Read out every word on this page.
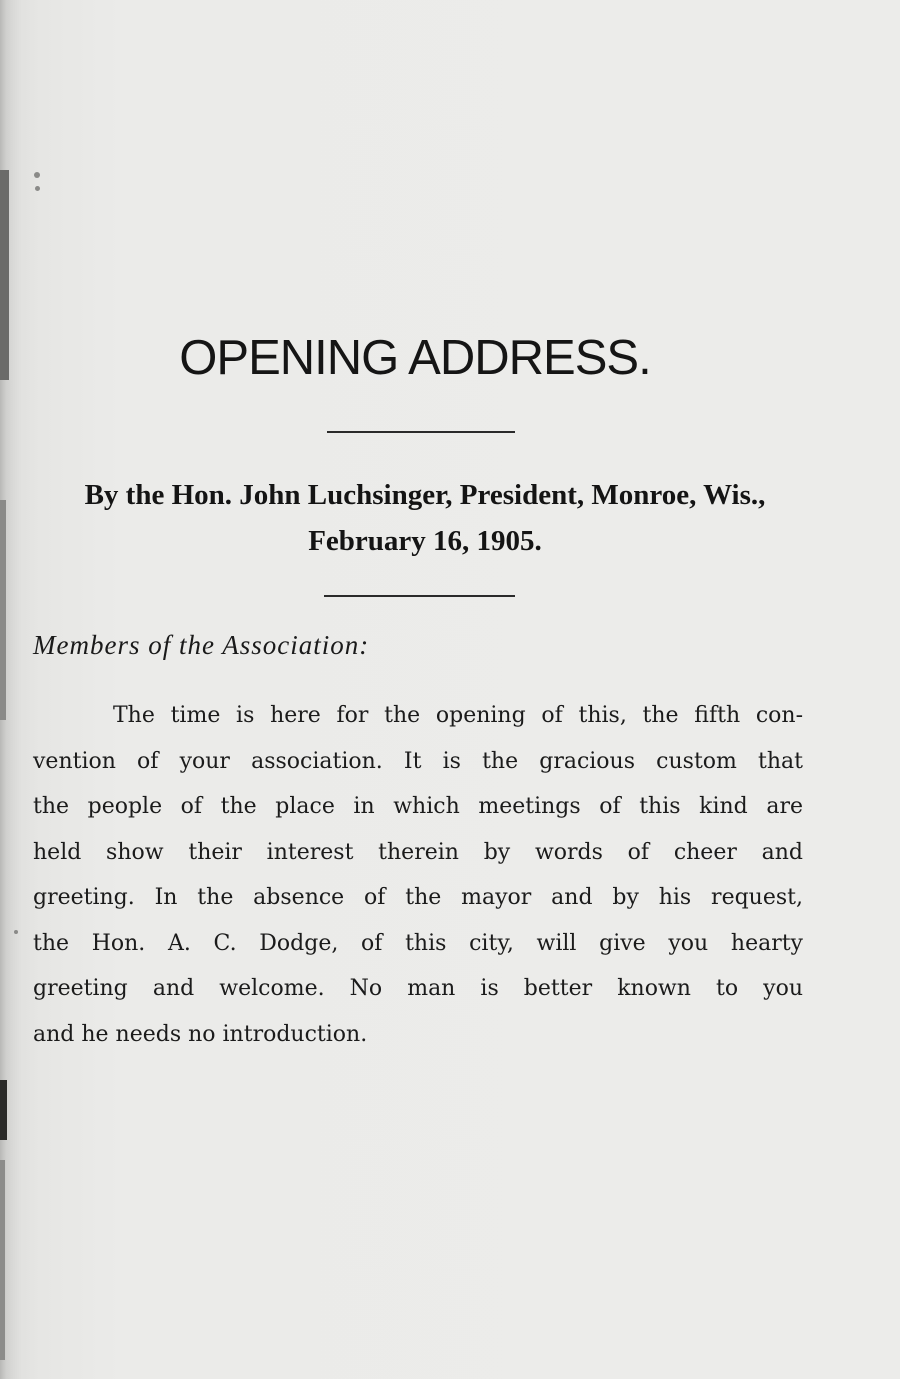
OPENING ADDRESS.
By the Hon. John Luchsinger, President, Monroe, Wis.,
February 16, 1905.
Members of the Association:
The time is here for the opening of this, the fifth con-
vention of your association. It is the gracious custom that
the people of the place in which meetings of this kind are
held show their interest therein by words of cheer and
greeting. In the absence of the mayor and by his request,
the Hon. A. C. Dodge, of this city, will give you hearty
greeting and welcome. No man is better known to you
and he needs no introduction.
